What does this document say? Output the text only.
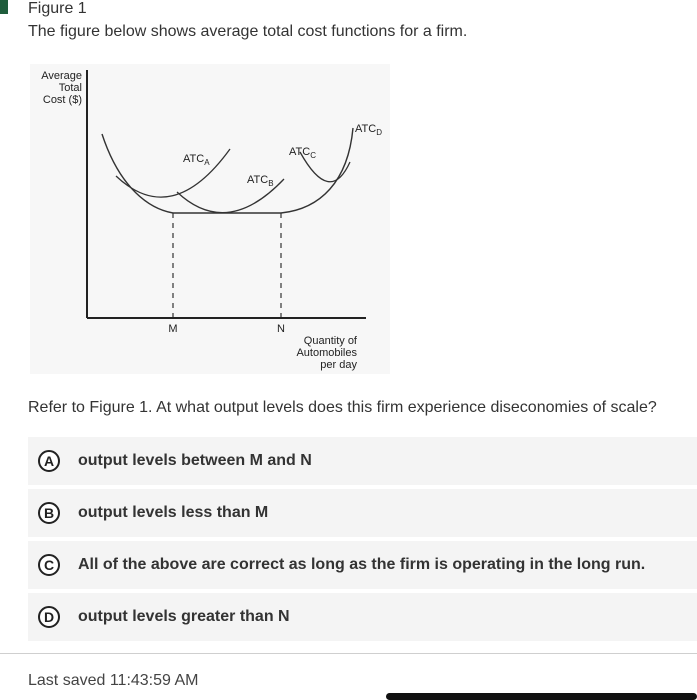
Figure 1
The figure below shows average total cost functions for a firm.
Average
Total
Cost ($)
$ATC_A$
$ATC_B$
$ATC_C$
$ATC_D$
M	N
Quantity of
Automobiles
per day
Refer to Figure 1. At what output levels does this firm experience diseconomies of scale?
A	output levels between M and N
B	output levels less than M
C	All of the above are correct as long as the firm is operating in the long run.
D	output levels greater than N
Last saved 11:43:59 AM
